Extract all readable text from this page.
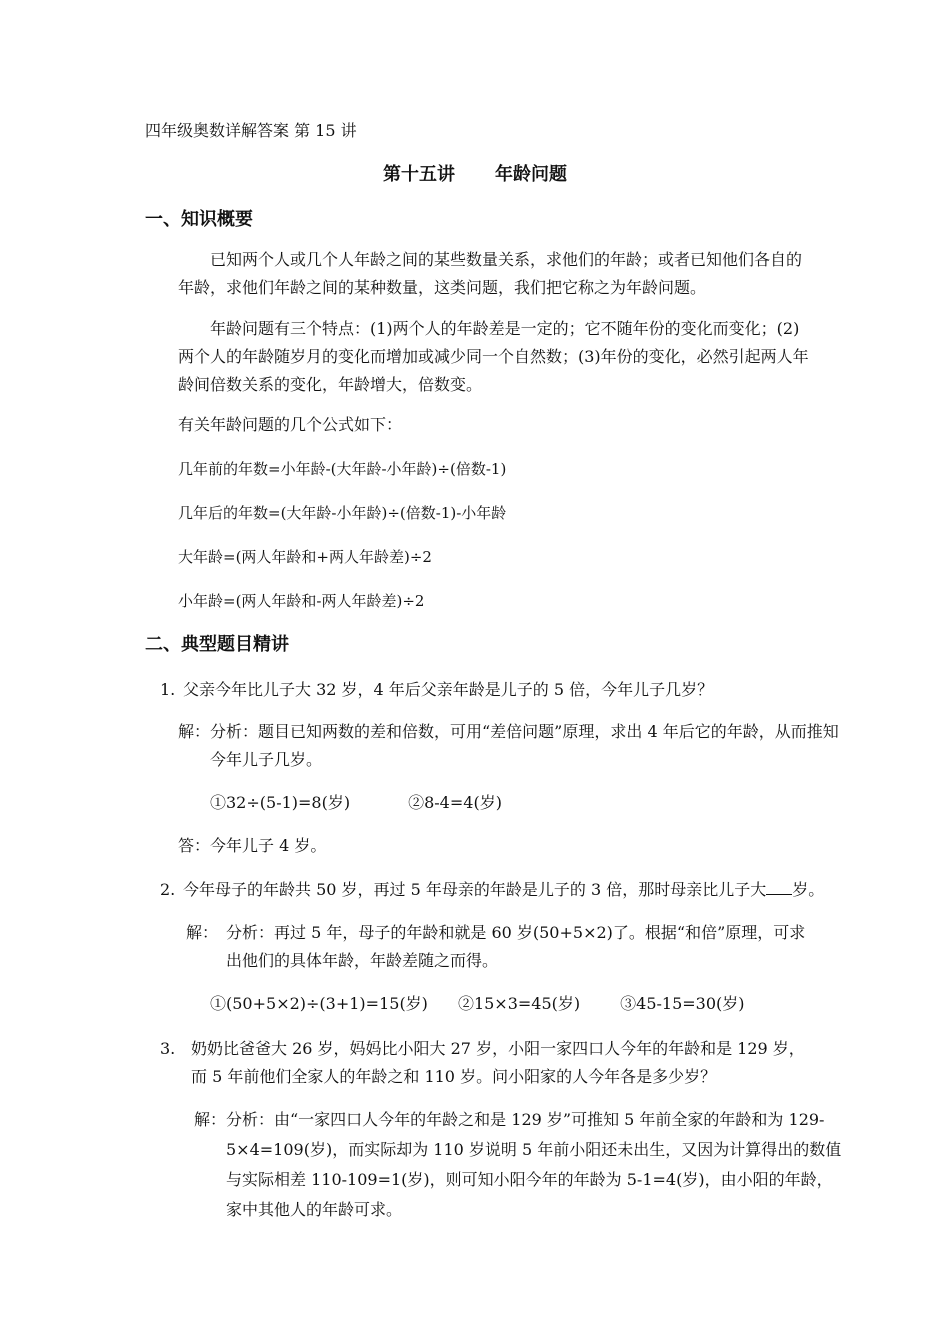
四年级奥数详解答案 第 15 讲
第十五讲 年龄问题
一、知识概要
已知两个人或几个人年龄之间的某些数量关系，求他们的年龄；或者已知他们各自的年龄，求他们年龄之间的某种数量，这类问题，我们把它称之为年龄问题。
年龄问题有三个特点：(1)两个人的年龄差是一定的；它不随年份的变化而变化；(2)两个人的年龄随岁月的变化而增加或减少同一个自然数；(3)年份的变化，必然引起两人年龄间倍数关系的变化，年龄增大，倍数变。
有关年龄问题的几个公式如下：
几年前的年数=小年龄-(大年龄-小年龄)÷(倍数-1)
几年后的年数=(大年龄-小年龄)÷(倍数-1)-小年龄
大年龄=(两人年龄和+两人年龄差)÷2
小年龄=(两人年龄和-两人年龄差)÷2
二、典型题目精讲
1. 父亲今年比儿子大 32 岁，4 年后父亲年龄是儿子的 5 倍，今年儿子几岁？
解：分析：题目已知两数的差和倍数，可用“差倍问题”原理，求出 4 年后它的年龄，从而推知今年儿子几岁。
①32÷(5-1)=8(岁)	②8-4=4(岁)
答：今年儿子 4 岁。
2. 今年母子的年龄共 50 岁，再过 5 年母亲的年龄是儿子的 3 倍，那时母亲比儿子大 岁。
解： 分析：再过 5 年，母子的年龄和就是 60 岁(50+5×2)了。根据“和倍”原理，可求出他们的具体年龄，年龄差随之而得。
①(50+5×2)÷(3+1)=15(岁) ②15×3=45(岁)	③45-15=30(岁)
3. 奶奶比爸爸大 26 岁，妈妈比小阳大 27 岁，小阳一家四口人今年的年龄和是 129 岁，而 5 年前他们全家人的年龄之和 110 岁。问小阳家的人今年各是多少岁？
解：分析：由“一家四口人今年的年龄之和是 129 岁”可推知 5 年前全家的年龄和为 129-5×4=109(岁)，而实际却为 110 岁说明 5 年前小阳还未出生，又因为计算得出的数值与实际相差 110-109=1(岁)，则可知小阳今年的年龄为 5-1=4(岁)，由小阳的年龄，家中其他人的年龄可求。
